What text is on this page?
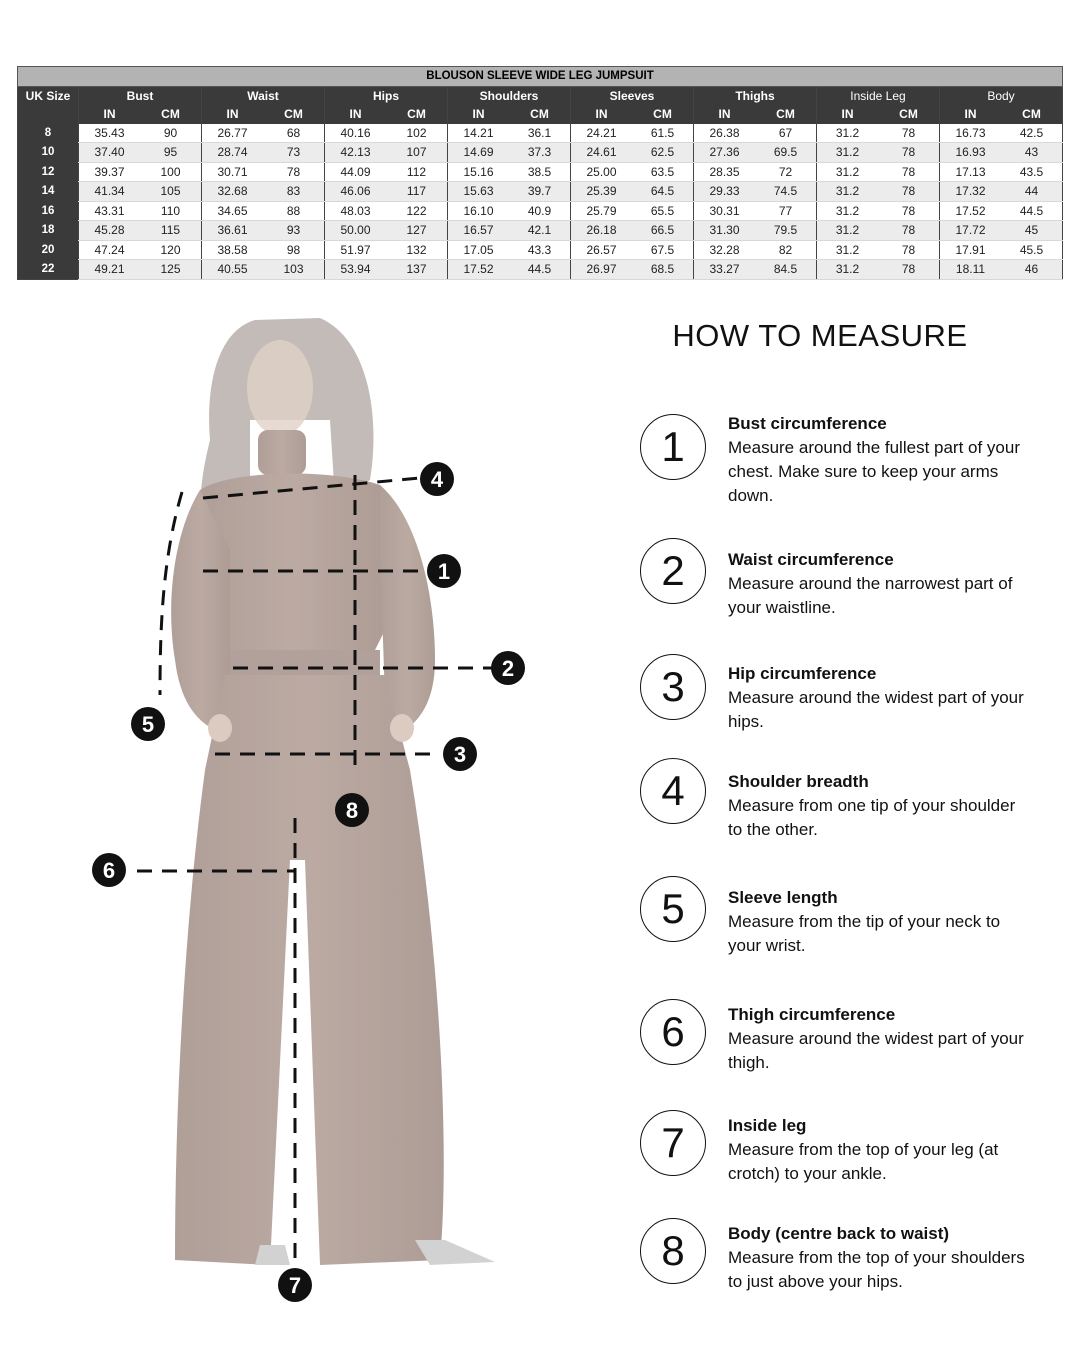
BLOUSON SLEEVE WIDE LEG JUMPSUIT																
UK Size	Bust		Waist		Hips		Shoulders		Sleeves		Thighs		Inside Leg		Body	
	IN	CM	IN	CM	IN	CM	IN	CM	IN	CM	IN	CM	IN	CM	IN	CM
8	35.43	90	26.77	68	40.16	102	14.21	36.1	24.21	61.5	26.38	67	31.2	78	16.73	42.5
10	37.40	95	28.74	73	42.13	107	14.69	37.3	24.61	62.5	27.36	69.5	31.2	78	16.93	43
12	39.37	100	30.71	78	44.09	112	15.16	38.5	25.00	63.5	28.35	72	31.2	78	17.13	43.5
14	41.34	105	32.68	83	46.06	117	15.63	39.7	25.39	64.5	29.33	74.5	31.2	78	17.32	44
16	43.31	110	34.65	88	48.03	122	16.10	40.9	25.79	65.5	30.31	77	31.2	78	17.52	44.5
18	45.28	115	36.61	93	50.00	127	16.57	42.1	26.18	66.5	31.30	79.5	31.2	78	17.72	45
20	47.24	120	38.58	98	51.97	132	17.05	43.3	26.57	67.5	32.28	82	31.2	78	17.91	45.5
22	49.21	125	40.55	103	53.94	137	17.52	44.5	26.97	68.5	33.27	84.5	31.2	78	18.11	46
1
2
3
4
5
6
7
8
HOW TO MEASURE
1	Bust circumference
Measure around the fullest part of your chest. Make sure to keep your arms down.
2	Waist circumference
Measure around the narrowest part of your waistline.
3	Hip circumference
Measure around the widest part of your hips.
4	Shoulder breadth
Measure from one tip of your shoulder to the other.
5	Sleeve length
Measure from the tip of your neck to your wrist.
6	Thigh circumference
Measure around the widest part of your thigh.
7	Inside leg
Measure from the top of your leg (at crotch) to your ankle.
8	Body (centre back to waist)
Measure from the top of your shoulders to just above your hips.
